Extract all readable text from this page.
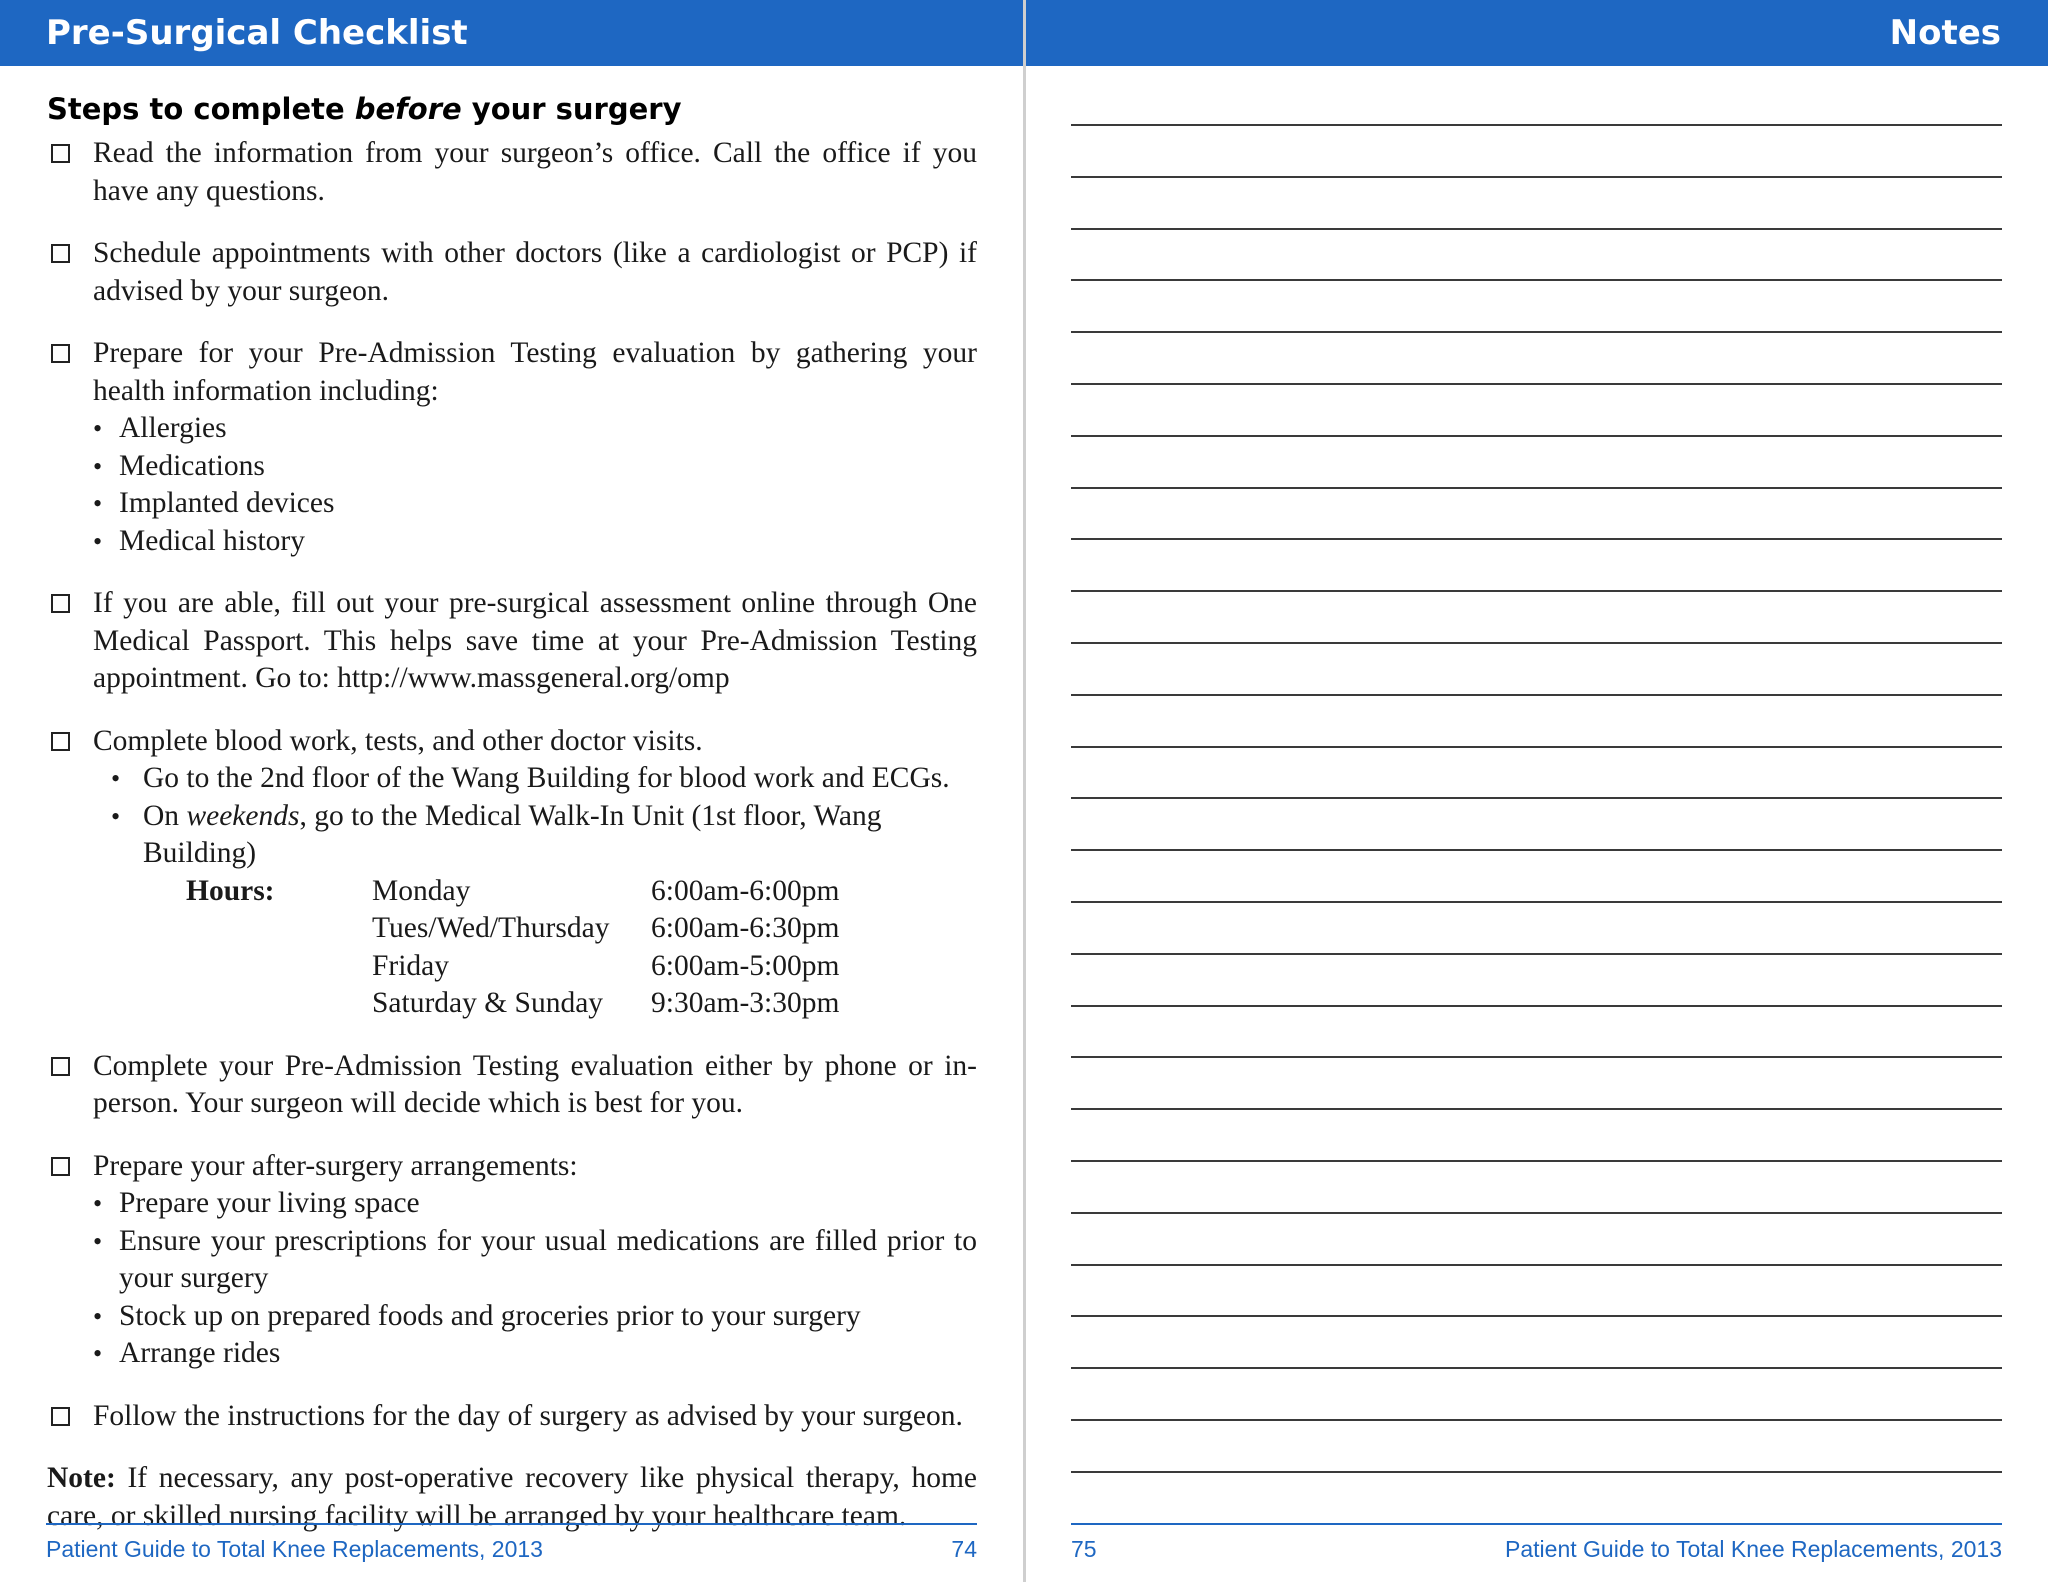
Pre-Surgical Checklist
Steps to complete before your surgery
Read the information from your surgeon’s office. Call the office if you have any questions.
Schedule appointments with other doctors (like a cardiologist or PCP) if advised by your surgeon.
Prepare for your Pre-Admission Testing evaluation by gathering your health information including:
• Allergies
• Medications
• Implanted devices
• Medical history
If you are able, fill out your pre-surgical assessment online through One Medical Passport. This helps save time at your Pre-Admission Testing appointment. Go to: http://www.massgeneral.org/omp
Complete blood work, tests, and other doctor visits.
• Go to the 2nd floor of the Wang Building for blood work and ECGs.
• On weekends, go to the Medical Walk-In Unit (1st floor, Wang Building)
Hours:	Monday	6:00am-6:00pm
Tues/Wed/Thursday 6:00am-6:30pm
Friday	6:00am-5:00pm
Saturday & Sunday 9:30am-3:30pm
Complete your Pre-Admission Testing evaluation either by phone or in-person. Your surgeon will decide which is best for you.
Prepare your after-surgery arrangements:
• Prepare your living space
• Ensure your prescriptions for your usual medications are filled prior to your surgery
• Stock up on prepared foods and groceries prior to your surgery
• Arrange rides
Follow the instructions for the day of surgery as advised by your surgeon.
Note: If necessary, any post-operative recovery like physical therapy, home care, or skilled nursing facility will be arranged by your healthcare team.
Patient Guide to Total Knee Replacements, 2013	74
Notes
75	Patient Guide to Total Knee Replacements, 2013
